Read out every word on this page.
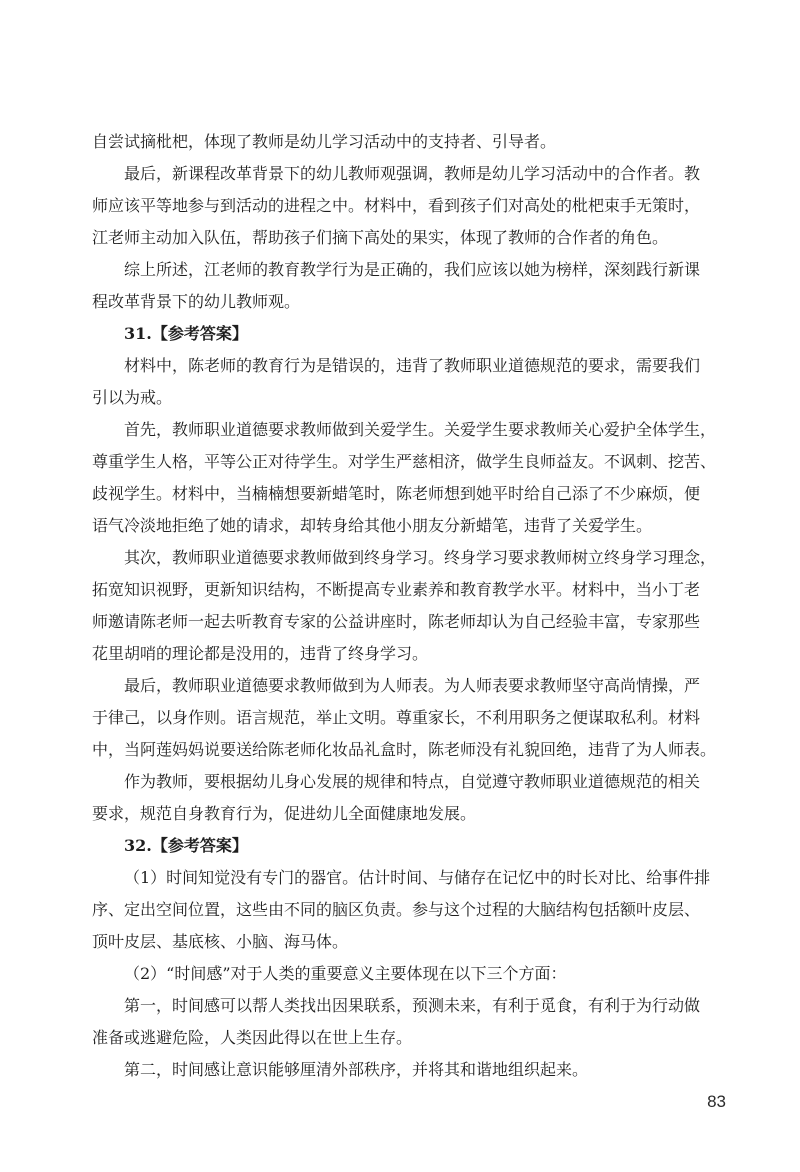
自尝试摘枇杷，体现了教师是幼儿学习活动中的支持者、引导者。
最后，新课程改革背景下的幼儿教师观强调，教师是幼儿学习活动中的合作者。教
师应该平等地参与到活动的进程之中。材料中，看到孩子们对高处的枇杷束手无策时，
江老师主动加入队伍，帮助孩子们摘下高处的果实，体现了教师的合作者的角色。
综上所述，江老师的教育教学行为是正确的，我们应该以她为榜样，深刻践行新课
程改革背景下的幼儿教师观。
31.【参考答案】
材料中，陈老师的教育行为是错误的，违背了教师职业道德规范的要求，需要我们
引以为戒。
首先，教师职业道德要求教师做到关爱学生。关爱学生要求教师关心爱护全体学生，
尊重学生人格，平等公正对待学生。对学生严慈相济，做学生良师益友。不讽刺、挖苦、
歧视学生。材料中，当楠楠想要新蜡笔时，陈老师想到她平时给自己添了不少麻烦，便
语气冷淡地拒绝了她的请求，却转身给其他小朋友分新蜡笔，违背了关爱学生。
其次，教师职业道德要求教师做到终身学习。终身学习要求教师树立终身学习理念，
拓宽知识视野，更新知识结构，不断提高专业素养和教育教学水平。材料中，当小丁老
师邀请陈老师一起去听教育专家的公益讲座时，陈老师却认为自己经验丰富，专家那些
花里胡哨的理论都是没用的，违背了终身学习。
最后，教师职业道德要求教师做到为人师表。为人师表要求教师坚守高尚情操，严
于律己，以身作则。语言规范，举止文明。尊重家长，不利用职务之便谋取私利。材料
中，当阿莲妈妈说要送给陈老师化妆品礼盒时，陈老师没有礼貌回绝，违背了为人师表。
作为教师，要根据幼儿身心发展的规律和特点，自觉遵守教师职业道德规范的相关
要求，规范自身教育行为，促进幼儿全面健康地发展。
32.【参考答案】
（1）时间知觉没有专门的器官。估计时间、与储存在记忆中的时长对比、给事件排
序、定出空间位置，这些由不同的脑区负责。参与这个过程的大脑结构包括额叶皮层、
顶叶皮层、基底核、小脑、海马体。
（2）“时间感”对于人类的重要意义主要体现在以下三个方面：
第一，时间感可以帮人类找出因果联系，预测未来，有利于觅食，有利于为行动做
准备或逃避危险，人类因此得以在世上生存。
第二，时间感让意识能够厘清外部秩序，并将其和谐地组织起来。
83
